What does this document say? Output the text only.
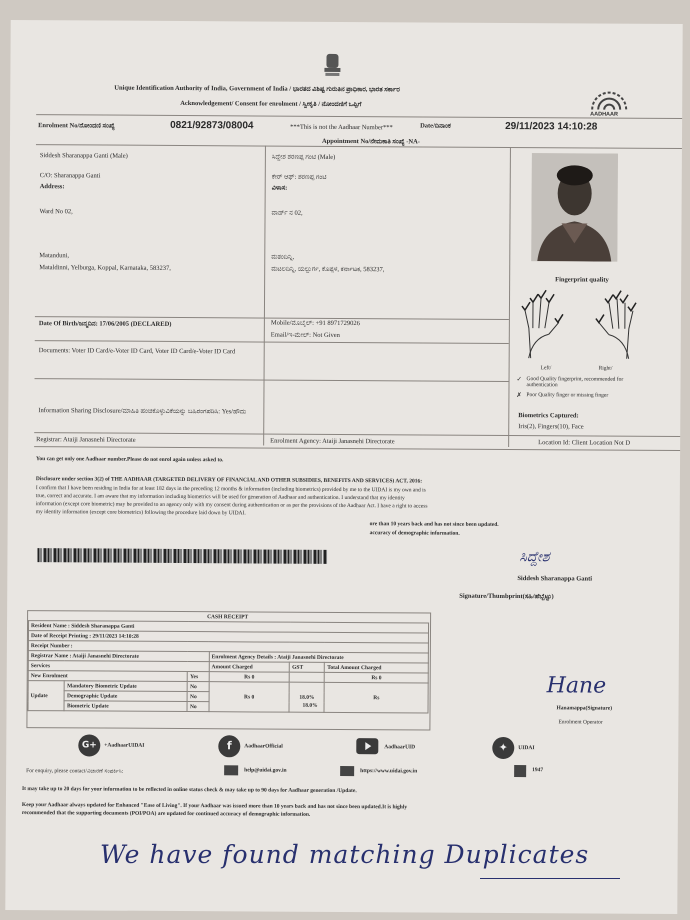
AADHAAR
Unique Identification Authority of India, Government of India / ಭಾರತದ ವಿಶಿಷ್ಟ ಗುರುತಿನ ಪ್ರಾಧಿಕಾರ, ಭಾರತ ಸರ್ಕಾರ
Acknowledgement/ Consent for enrolment / ಸ್ವೀಕೃತಿ / ನೋಂದಣಿಗೆ ಒಪ್ಪಿಗೆ
Enrolment No/ನೋಂದಣಿ ಸಂಖ್ಯೆ	0821/92873/08004	***This is not the Aadhaar Number***	Date/ದಿನಾಂಕ	29/11/2023 14:10:28
Appointment No/ನೇಮಕಾತಿ ಸಂಖ್ಯೆ -NA-
Siddesh Sharanappa Ganti (Male)	ಸಿದ್ದೇಶ ಶರಣಪ್ಪ ಗಂಟಿ (Male)
C/O: Sharanappa Ganti	ಕೇರ್ ಆಫ್: ಶರಣಪ್ಪ ಗಂಟಿ
Address:	ವಿಳಾಸ:
Ward No 02,	ವಾರ್ಡ್ ನ 02,
Matanduni,	ಮತಂದಿನ್ನಿ,
Mataldinni, Yelburga, Koppal, Karnataka, 583237,	ಮಟಲದಿನ್ನಿ, ಯಲ್ಬುರ್ಗ, ಕೊಪ್ಪಳ, ಕರ್ನಾಟಕ, 583237,
Date Of Birth/ಜನ್ಮದಿನ: 17/06/2005 (DECLARED)	Mobile/ಮೊಬೈಲ್: +91 8971729026
Email/ಇ-ಮೇಲ್: Not Given
Documents: Voter ID Card/e-Voter ID Card, Voter ID Card/e-Voter ID Card
Information Sharing Disclosure/ಮಾಹಿತಿ ಹಂಚಿಕೊಳ್ಳುವಿಕೆಯನ್ನು ಬಹಿರಂಗಪಡಿಸಿ: Yes/ಹೌದು
Fingerprint quality
Left/	Right/
✓ Good Quality fingerprint, recommended for authentication
✗ Poor Quality finger or missing finger
Biometrics Captured:
Iris(2), Fingers(10), Face
Registrar: Ataiji Janasnehi Directorate	Enrolment Agency: Ataiji Janasnehi Directorate	Location Id: Client Location Not D
You can get only one Aadhaar number.Please do not enrol again unless asked to.
Disclosure under section 3(2) of THE AADHAAR (TARGETED DELIVERY OF FINANCIAL AND OTHER SUBSIDIES, BENEFITS AND SERVICES) ACT, 2016:
I confirm that I have been residing in India for at least 182 days in the preceding 12 months & information (including biometrics) provided by me to the UIDAI is my own and is
true, correct and accurate. I am aware that my information including biometrics will be used for generation of Aadhaar and authentication. I understand that my identity
information (except core biometric) may be provided to an agency only with my consent during authentication or as per the provisions of the Aadhaar Act. I have a right to access
my identity information (except core biometrics) following the procedure laid down by UIDAI.
ore than 10 years back and has not since been updated.
accuracy of demographic information.
ಸಿದ್ದೇಶ
Siddesh Sharanappa Ganti
Signature/Thumbprint(ಸಹಿ/ಹೆಬ್ಬೆಟ್ಟು)
CASH RECEIPT
Resident Name : Siddesh Sharanappa Ganti					
Date of Receipt Printing : 29/11/2023 14:10:28					
Receipt Number :					
Registrar Name : Ataiji Janasnehi Directorate			Enrolment Agency Details : Ataiji Janasnehi Directorate		
Services			Amount Charged	GST	Total Amount Charged
New Enrolment		Yes	Rs 0		Rs 0
Update	Mandatory Biometric Update	No	Rs 0	18.0%	Rs
	Demographic Update	No			
	Biometric Update	No				18.0%
Hane
Hanamappa(Signature)
Enrolment Operator
G+	+AadhaarUIDAI	f	AadhaarOfficial	AadhaarUID	✦	UIDAI
For enquiry, please contact/ವಿಚಾರಣೆ ಸಂಪರ್ಕಿಸಿ:	help@uidai.gov.in	https://www.uidai.gov.in	1947
It may take up to 20 days for your information to be reflected in online status check & may take up to 90 days for Aadhaar generation /Update.
Keep your Aadhaar always updated for Enhanced "Ease of Living". If your Aadhaar was issued more than 10 years back and has not since been updated.It is highly
recommended that the supporting documents (POI/POA) are updated for continued accuracy of demographic information.
We have found matching Duplicates
